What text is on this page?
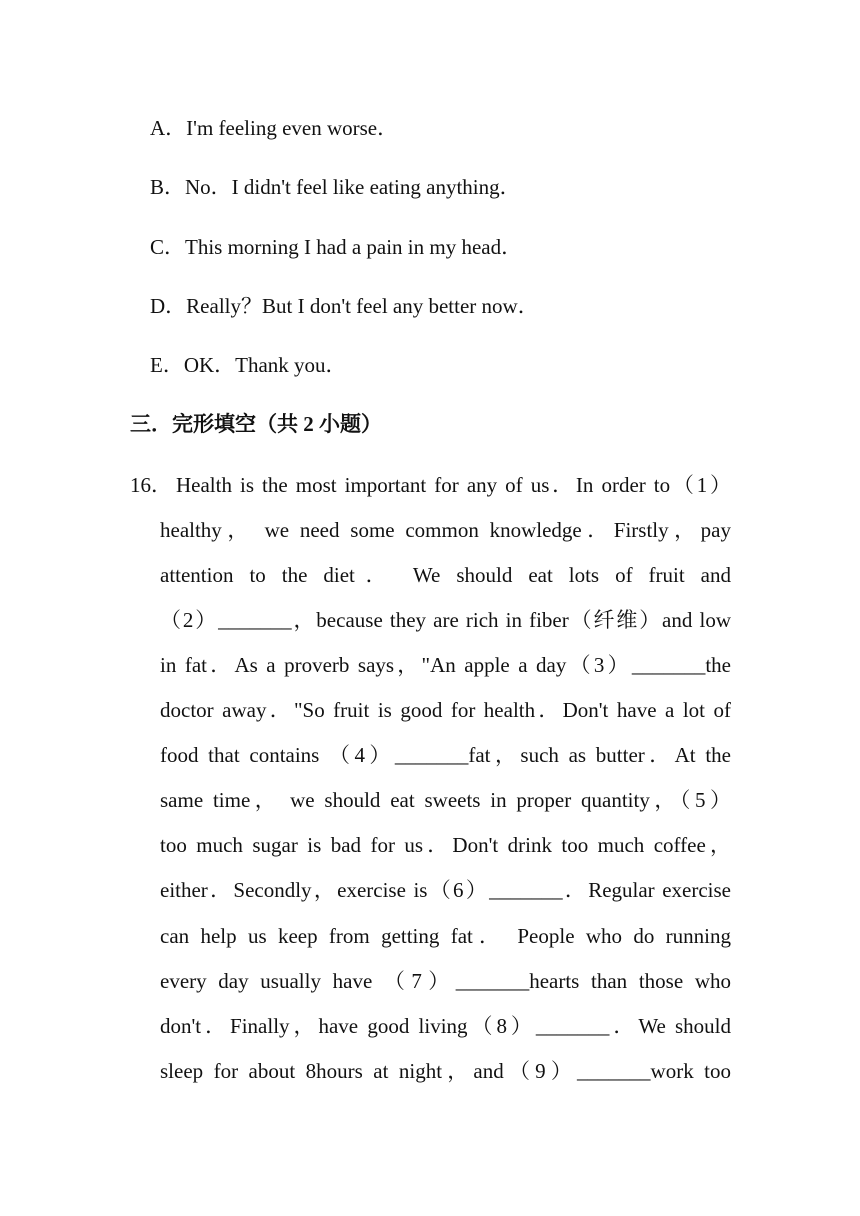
A．I'm feeling even worse．
B．No．I didn't feel like eating anything．
C．This morning I had a pain in my head．
D．Really？But I don't feel any better now．
E．OK．Thank you．
三．完形填空（共 2 小题）
16． Health is the most important for any of us．In order to（1）
healthy， we need some common knowledge．Firstly，pay
attention to the diet． We should eat lots of fruit and
（2）_______，because they are rich in fiber（纤维）and low
in fat．As a proverb says，"An apple a day（3）_______the
doctor away．"So fruit is good for health．Don't have a lot of
food that contains （4）_______fat，such as butter．At the
same time， we should eat sweets in proper quantity，（5）
too much sugar is bad for us．Don't drink too much coffee，
either．Secondly，exercise is（6）_______．Regular exercise
can help us keep from getting fat． People who do running
every day usually have （7）_______hearts than those who
don't．Finally，have good living（8）_______．We should
sleep for about 8hours at night，and（9）_______work too
